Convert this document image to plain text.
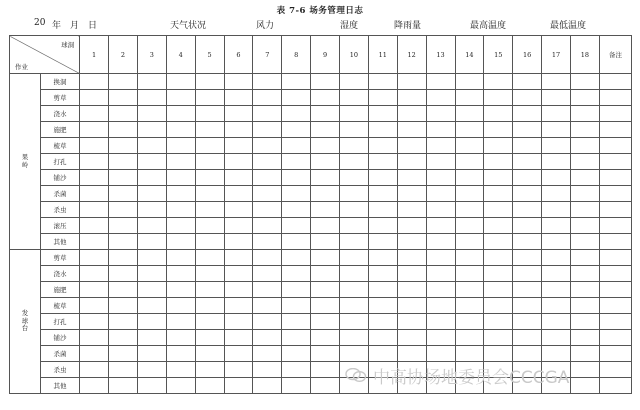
表 7-6 场务管理日志
20 年 月 日	天气状况	风力	湿度	降雨量	最高温度	最低温度
球洞
作业		1	2	3	4	5	6	7	8	9	10	11	12	13	14	15	16	17	18	备注
果
岭	换洞																			
	剪草																			
	浇水																			
	施肥																			
	梳草																			
	打孔																			
	铺沙																			
	杀菌																			
	杀虫																			
	滚压																			
	其他																			
发
球
台	剪草																			
	浇水																			
	施肥																			
	梳草																			
	打孔																			
	铺沙																			
	杀菌																			
	杀虫																			
	其他																				中高协场地委员会CCCGA
